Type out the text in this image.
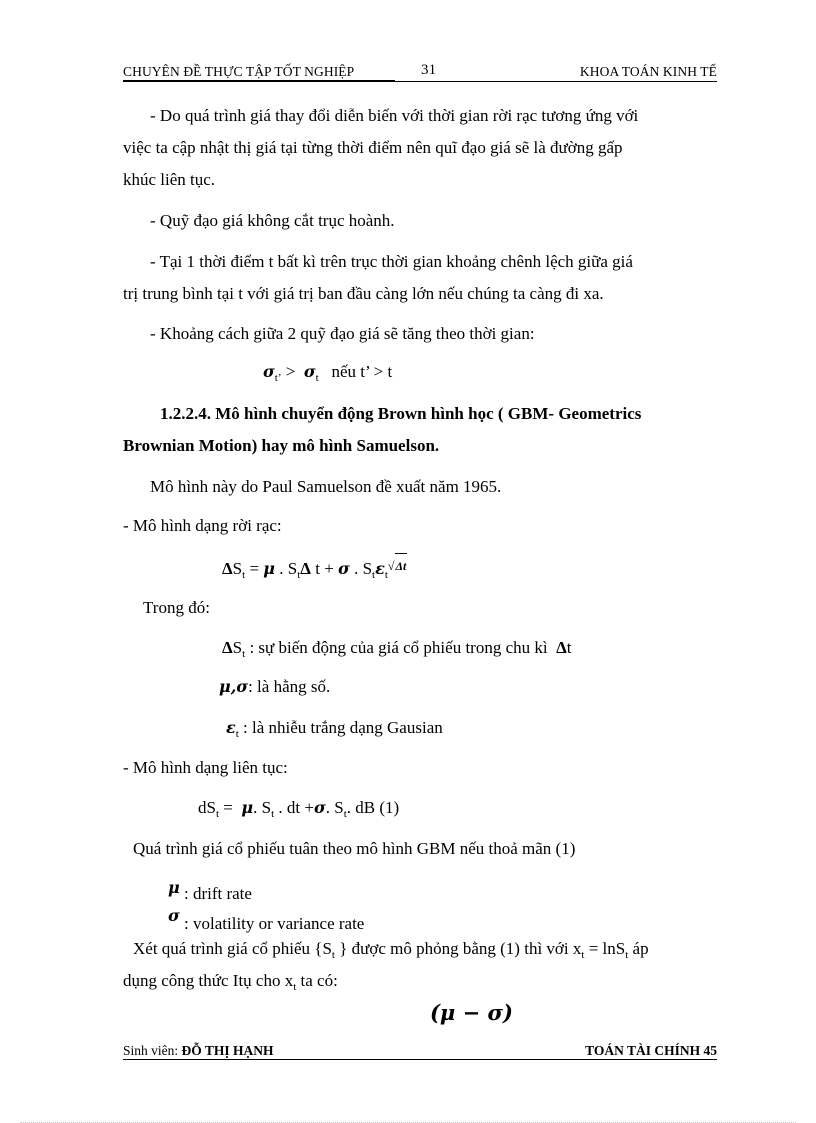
CHUYÊN ĐỀ THỰC TẬP TỐT NGHIỆP	31	KHOA TOÁN KINH TẾ
- Do quá trình giá thay đổi diễn biến với thời gian rời rạc tương ứng với
việc ta cập nhật thị giá tại từng thời điểm nên quĩ đạo giá sẽ là đường gấp
khúc liên tục.
- Quỹ đạo giá không cắt trục hoành.
- Tại 1 thời điểm t bất kì trên trục thời gian khoảng chênh lệch giữa giá
trị trung bình tại t với giá trị ban đầu càng lớn nếu chúng ta càng đi xa.
- Khoảng cách giữa 2 quỹ đạo giá sẽ tăng theo thời gian:
$\sigma_{t’} > \sigma_t$ nếu t’ > t
1.2.2.4. Mô hình chuyển động Brown hình học ( GBM- Geometrics
Brownian Motion) hay mô hình Samuelson.
Mô hình này do Paul Samuelson đề xuất năm 1965.
- Mô hình dạng rời rạc:
$\Delta S_t = \mu$ . $S_t\Delta$ t + σ . $S_t\varepsilon_t√\Delta t$
Trong đó:
$\Delta S_t$ : sự biến động của giá cổ phiếu trong chu kì Δt
μ,σ: là hằng số.
$\varepsilon_t$ : là nhiễu trắng dạng Gausian
- Mô hình dạng liên tục:
$dS_t = \mu$. $S_t$ . dt +σ. $S_t$. dB (1)
Quá trình giá cổ phiếu tuân theo mô hình GBM nếu thoả mãn (1)
μ : drift rate
σ : volatility or variance rate
Xét quá trình giá cổ phiếu {$S_t$ } được mô phỏng bằng (1) thì với $x_t = \ln S_t$ áp
dụng công thức Itụ cho $x_t$ ta có:
(μ − σ)
Sinh viên: ĐỖ THỊ HẠNH	TOÁN TÀI CHÍNH 45
